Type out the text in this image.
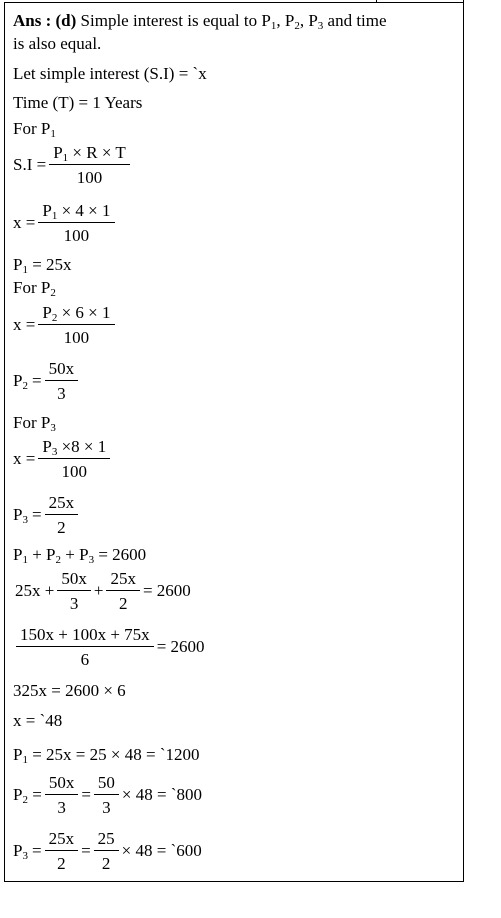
Ans : (d) Simple interest is equal to $P_1$, $P_2$, $P_3$ and time
is also equal.
Let simple interest (S.I) = `x
Time (T) = 1 Years
For $P_1$
$S.I = \frac{P_1 \times R \times T}{100}$
$x = \frac{P_1 \times 4 \times 1}{100}$
$P_1 = 25x$
For $P_2$
$x = \frac{P_2 \times 6 \times 1}{100}$
$P_2 = \frac{50x}{3}$
For $P_3$
$x = \frac{P_3 \times 8 \times 1}{100}$
$P_3 = \frac{25x}{2}$
$P_1 + P_2 + P_3 = 2600$
$25x + \frac{50x}{3} + \frac{25x}{2} = 2600$
$\frac{150x + 100x + 75x}{6} = 2600$
325x = 2600 × 6
x = `48
$P_1 = 25x = 25 \times 48$ = `1200
$P_2 = \frac{50x}{3} = \frac{50}{3} \times 48$ = `800
$P_3 = \frac{25x}{2} = \frac{25}{2} \times 48$ = `600
